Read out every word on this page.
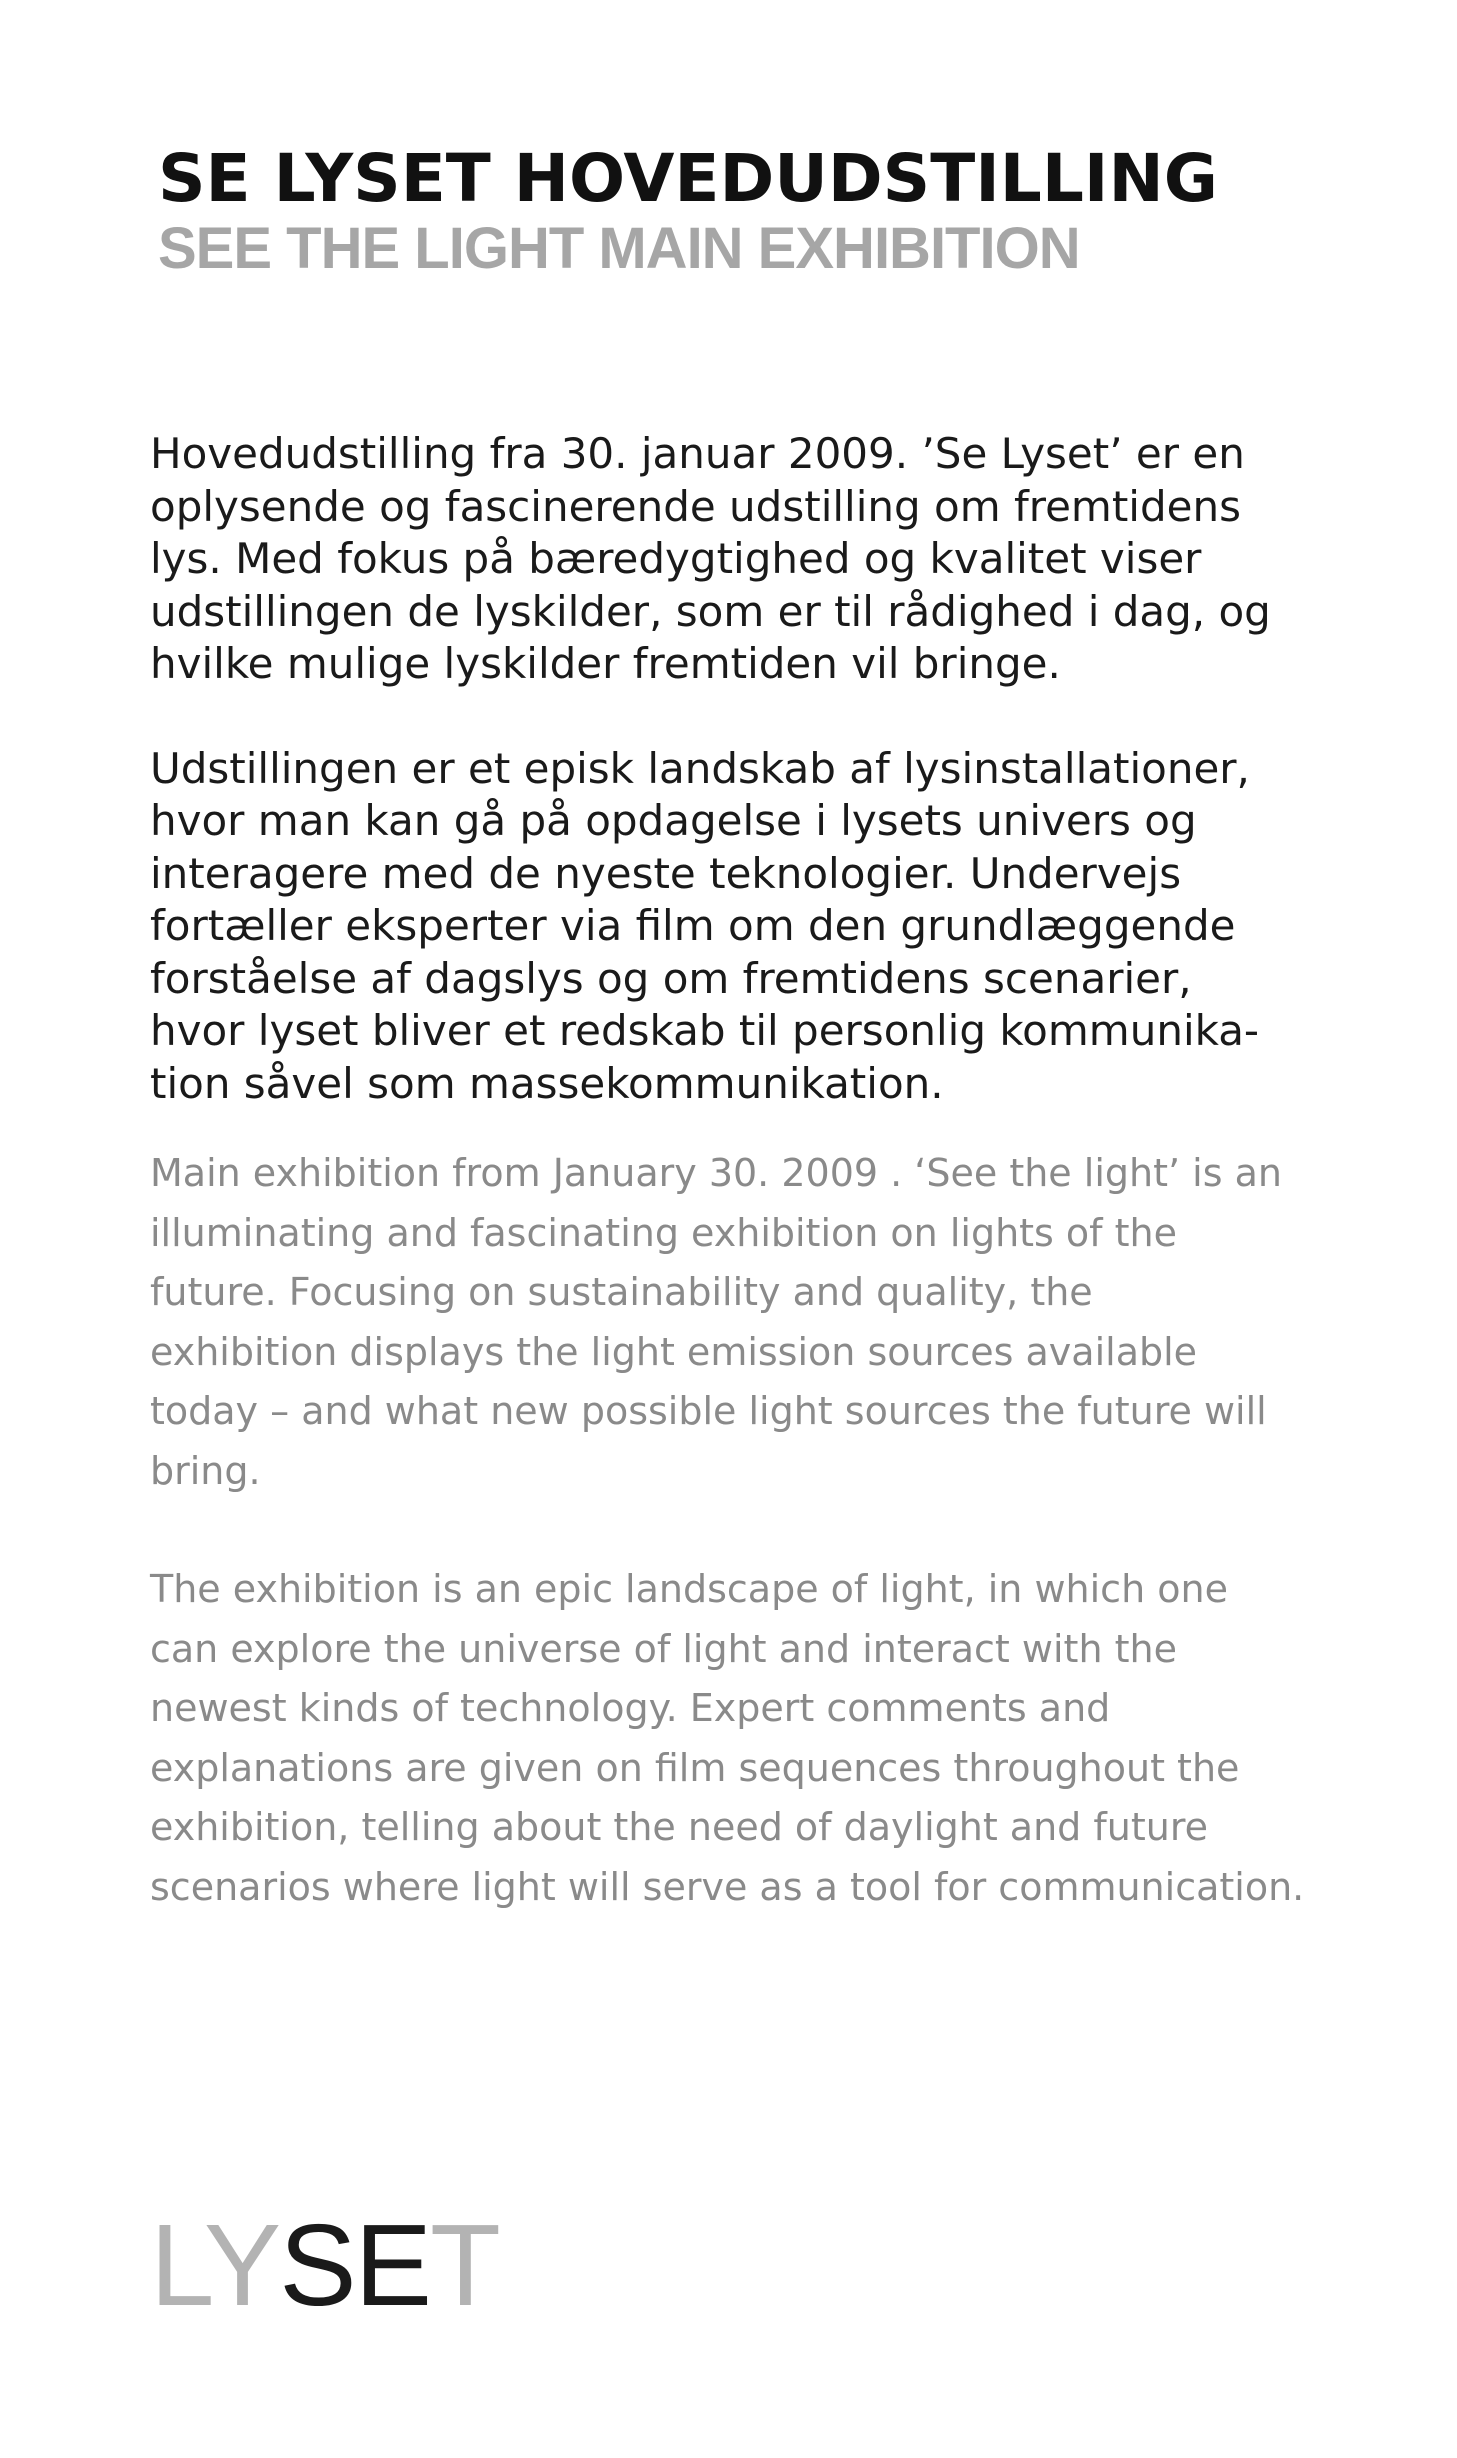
SE LYSET HOVEDUDSTILLING
SEE THE LIGHT MAIN EXHIBITION

Hovedudstilling fra 30. januar 2009. ’Se Lyset’ er en
oplysende og fascinerende udstilling om fremtidens
lys. Med fokus på bæredygtighed og kvalitet viser
udstillingen de lyskilder, som er til rådighed i dag, og
hvilke mulige lyskilder fremtiden vil bringe.

Udstillingen er et episk landskab af lysinstallationer,
hvor man kan gå på opdagelse i lysets univers og
interagere med de nyeste teknologier. Undervejs
fortæller eksperter via film om den grundlæggende
forståelse af dagslys og om fremtidens scenarier,
hvor lyset bliver et redskab til personlig kommunika-
tion såvel som massekommunikation.

Main exhibition from January 30. 2009 . ‘See the light’ is an
illuminating and fascinating exhibition on lights of the
future. Focusing on sustainability and quality, the
exhibition displays the light emission sources available
today – and what new possible light sources the future will
bring.

The exhibition is an epic landscape of light, in which one
can explore the universe of light and interact with the
newest kinds of technology. Expert comments and
explanations are given on film sequences throughout the
exhibition, telling about the need of daylight and future
scenarios where light will serve as a tool for communication.

LYSET
